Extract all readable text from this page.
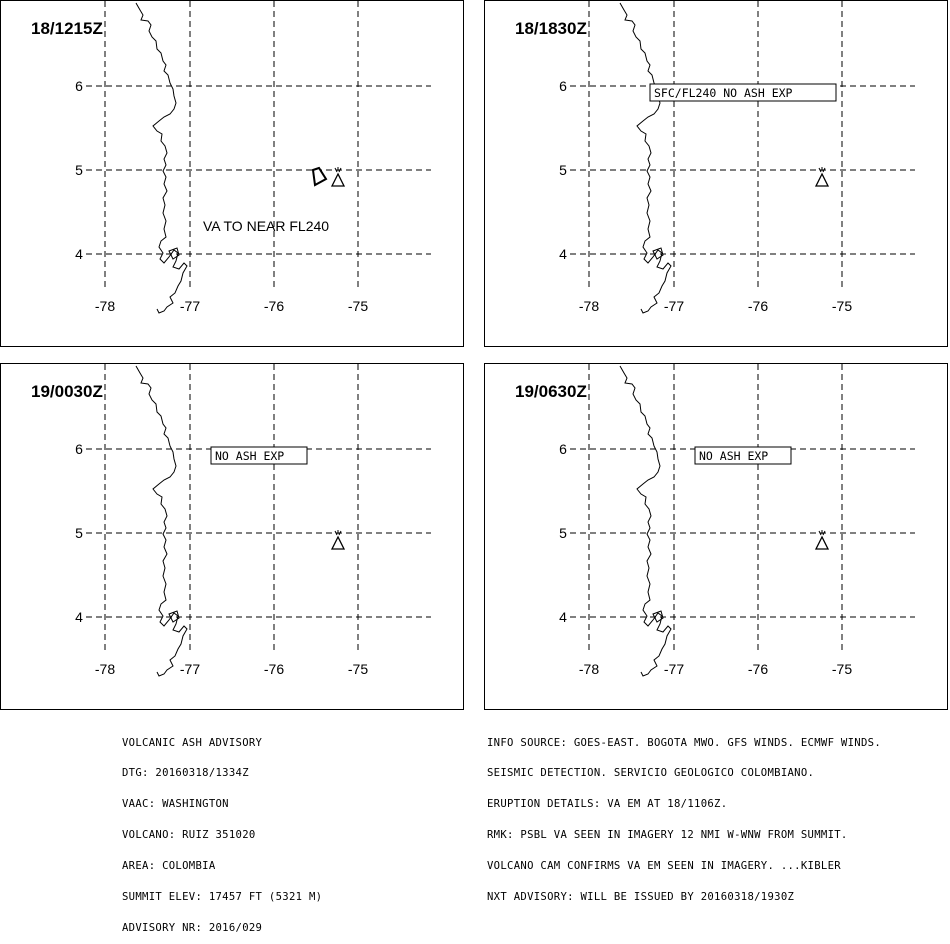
18/1215Z
-78	-77	-76	-75
6
5
4
VA TO NEAR FL240
18/1830Z
-78	-77	-76	-75
6
5
4
SFC/FL240 NO ASH EXP
19/0030Z
-78	-77	-76	-75
6
5
4
NO ASH EXP
19/0630Z
-78	-77	-76	-75
6
5
4
NO ASH EXP

VOLCANIC ASH ADVISORY

DTG: 20160318/1334Z

VAAC: WASHINGTON

VOLCANO: RUIZ 351020

AREA: COLOMBIA

SUMMIT ELEV: 17457 FT (5321 M)

ADVISORY NR: 2016/029

INFO SOURCE: GOES-EAST. BOGOTA MWO. GFS WINDS. ECMWF WINDS.

SEISMIC DETECTION. SERVICIO GEOLOGICO COLOMBIANO.

ERUPTION DETAILS: VA EM AT 18/1106Z.

RMK: PSBL VA SEEN IN IMAGERY 12 NMI W-WNW FROM SUMMIT.

VOLCANO CAM CONFIRMS VA EM SEEN IN IMAGERY. ...KIBLER

NXT ADVISORY: WILL BE ISSUED BY 20160318/1930Z
